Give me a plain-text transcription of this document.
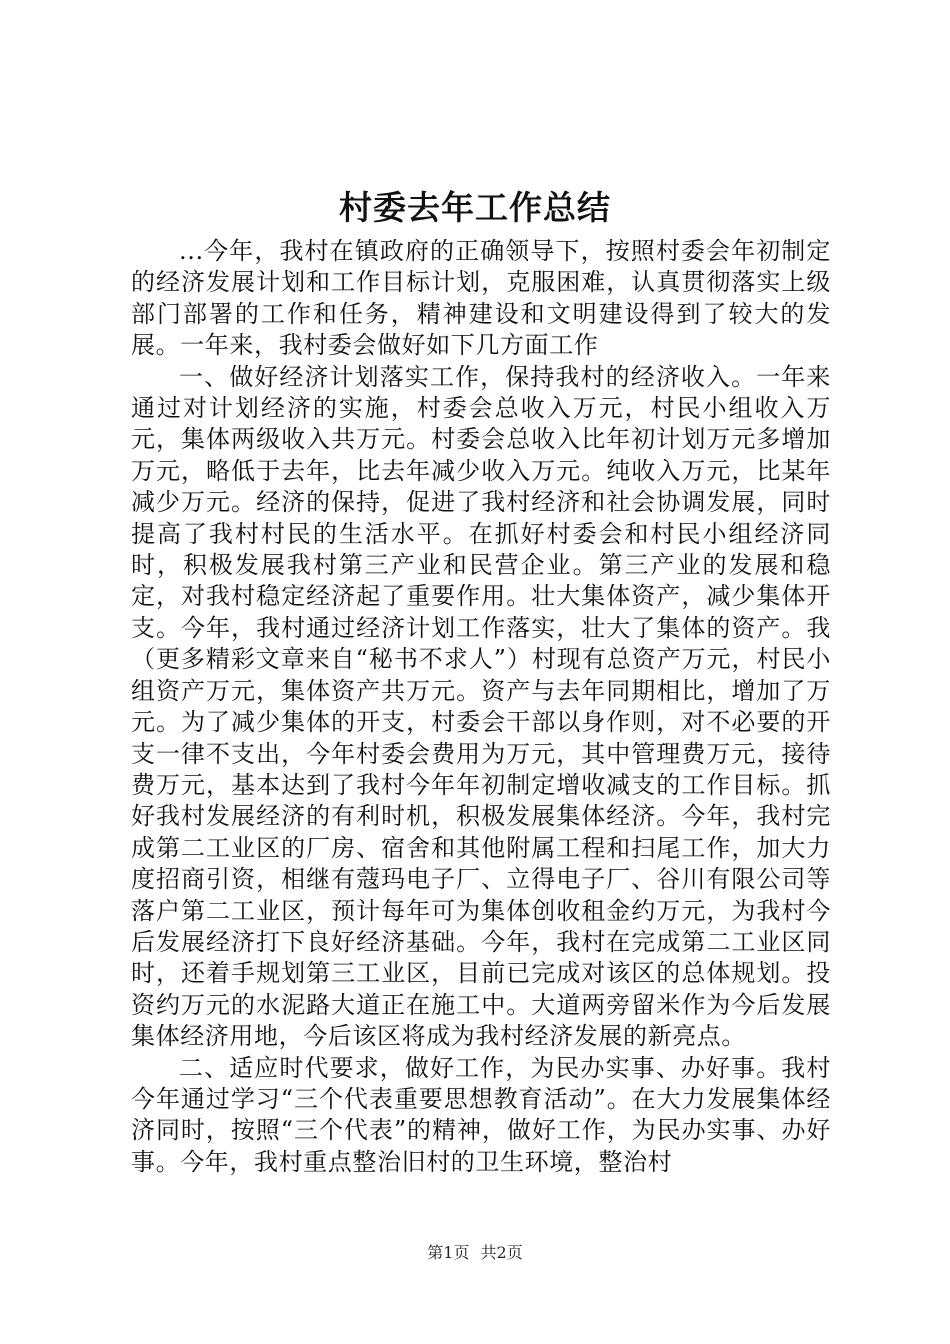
村委去年工作总结

...今年，我村在镇政府的正确领导下，按照村委会年初制定的经济发展计划和工作目标计划，克服困难，认真贯彻落实上级部门部署的工作和任务，精神建设和文明建设得到了较大的发展。一年来，我村委会做好如下几方面工作

一、做好经济计划落实工作，保持我村的经济收入。一年来通过对计划经济的实施，村委会总收入万元，村民小组收入万元，集体两级收入共万元。村委会总收入比年初计划万元多增加万元，略低于去年，比去年减少收入万元。纯收入万元，比某年减少万元。经济的保持，促进了我村经济和社会协调发展，同时提高了我村村民的生活水平。在抓好村委会和村民小组经济同时，积极发展我村第三产业和民营企业。第三产业的发展和稳定，对我村稳定经济起了重要作用。壮大集体资产，减少集体开支。今年，我村通过经济计划工作落实，壮大了集体的资产。我（更多精彩文章来自“秘书不求人”）村现有总资产万元，村民小组资产万元，集体资产共万元。资产与去年同期相比，增加了万元。为了减少集体的开支，村委会干部以身作则，对不必要的开支一律不支出，今年村委会费用为万元，其中管理费万元，接待费万元，基本达到了我村今年年初制定增收减支的工作目标。抓好我村发展经济的有利时机，积极发展集体经济。今年，我村完成第二工业区的厂房、宿舍和其他附属工程和扫尾工作，加大力度招商引资，相继有蔻玛电子厂、立得电子厂、谷川有限公司等落户第二工业区，预计每年可为集体创收租金约万元，为我村今后发展经济打下良好经济基础。今年，我村在完成第二工业区同时，还着手规划第三工业区，目前已完成对该区的总体规划。投资约万元的水泥路大道正在施工中。大道两旁留米作为今后发展集体经济用地，今后该区将成为我村经济发展的新亮点。

二、适应时代要求，做好工作，为民办实事、办好事。我村今年通过学习“三个代表重要思想教育活动”。在大力发展集体经济同时，按照“三个代表”的精神，做好工作，为民办实事、办好事。今年，我村重点整治旧村的卫生环境，整治村

第1页 共2页
